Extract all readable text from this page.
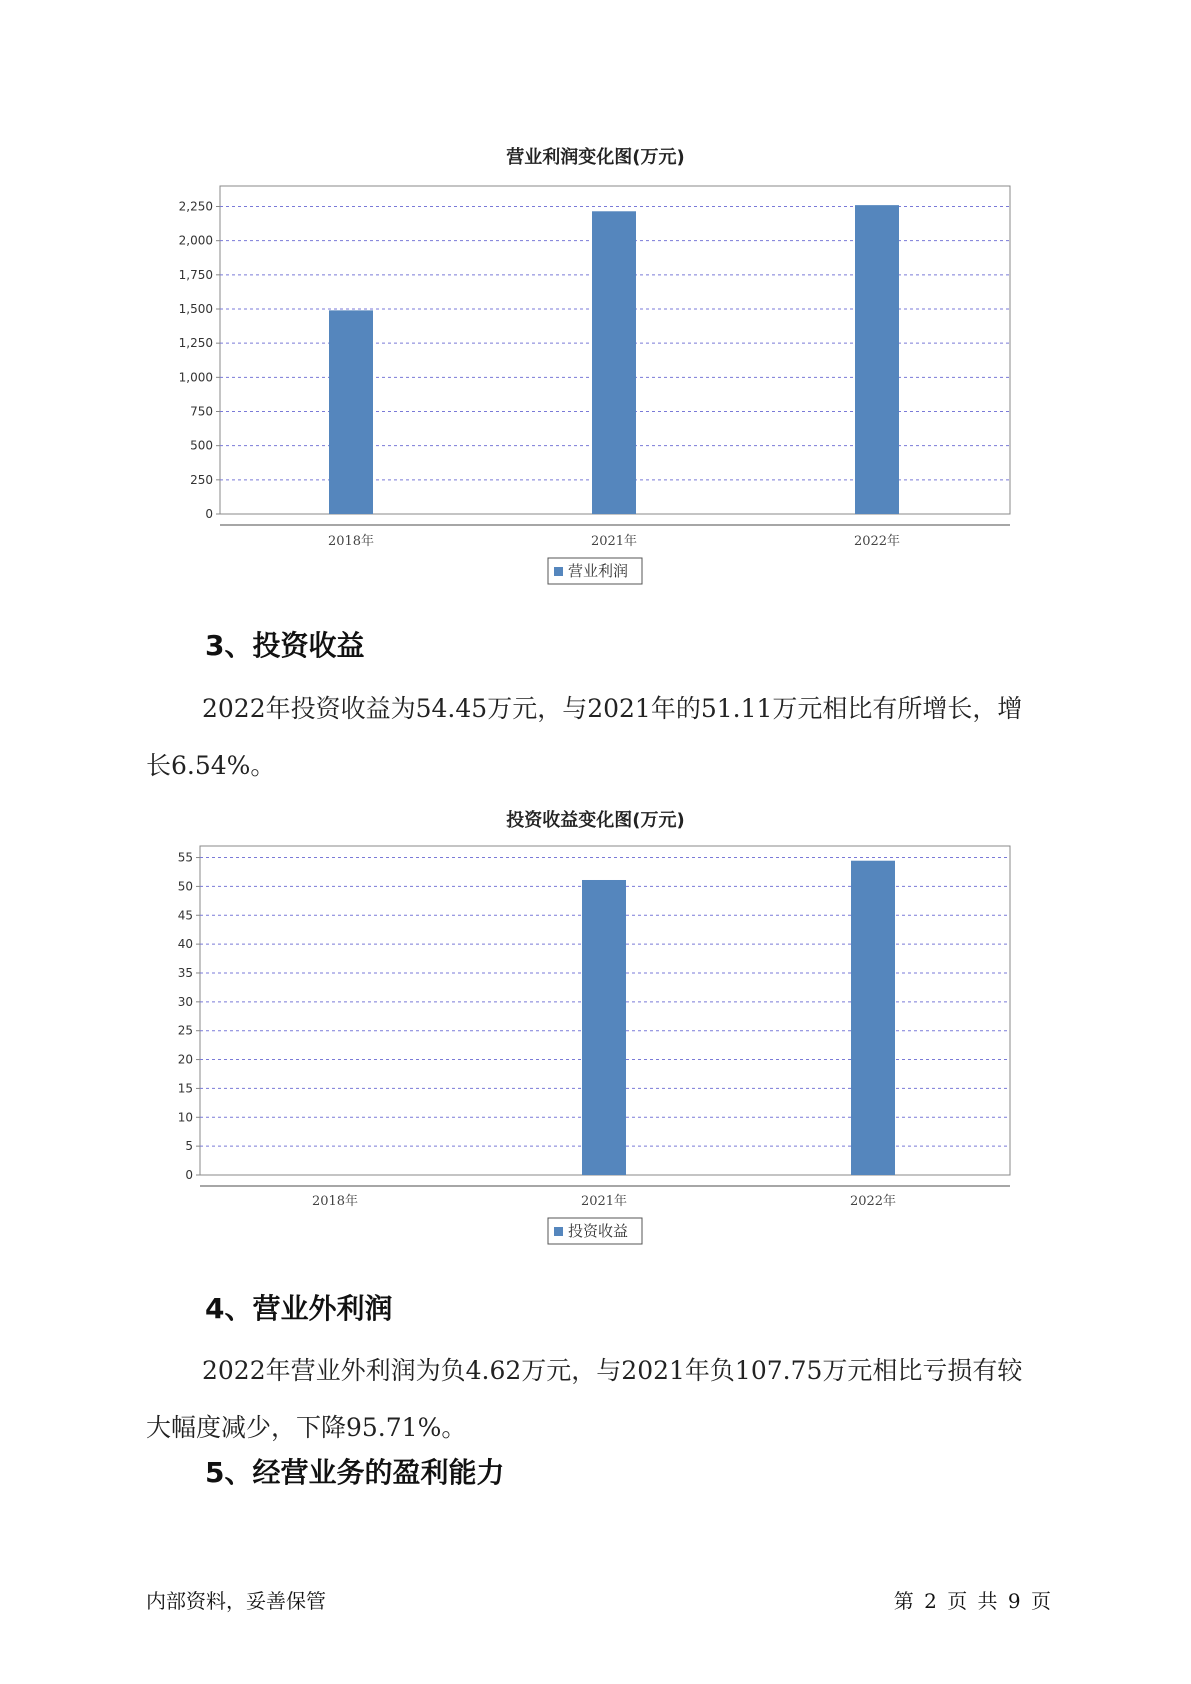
营业利润变化图(万元)
0
250
500
750
1,000
1,250
1,500
1,750
2,000
2,250
2018年	2021年	2022年
营业利润
3、投资收益

2022年投资收益为54.45万元，与2021年的51.11万元相比有所增长，增长6.54%。

投资收益变化图(万元)
0
5
10
15
20
25
30
35
40
45
50
55
2018年	2021年	2022年
投资收益
4、营业外利润

2022年营业外利润为负4.62万元，与2021年负107.75万元相比亏损有较大幅度减少，下降95.71%。

5、经营业务的盈利能力
内部资料，妥善保管	第 2 页 共 9 页
